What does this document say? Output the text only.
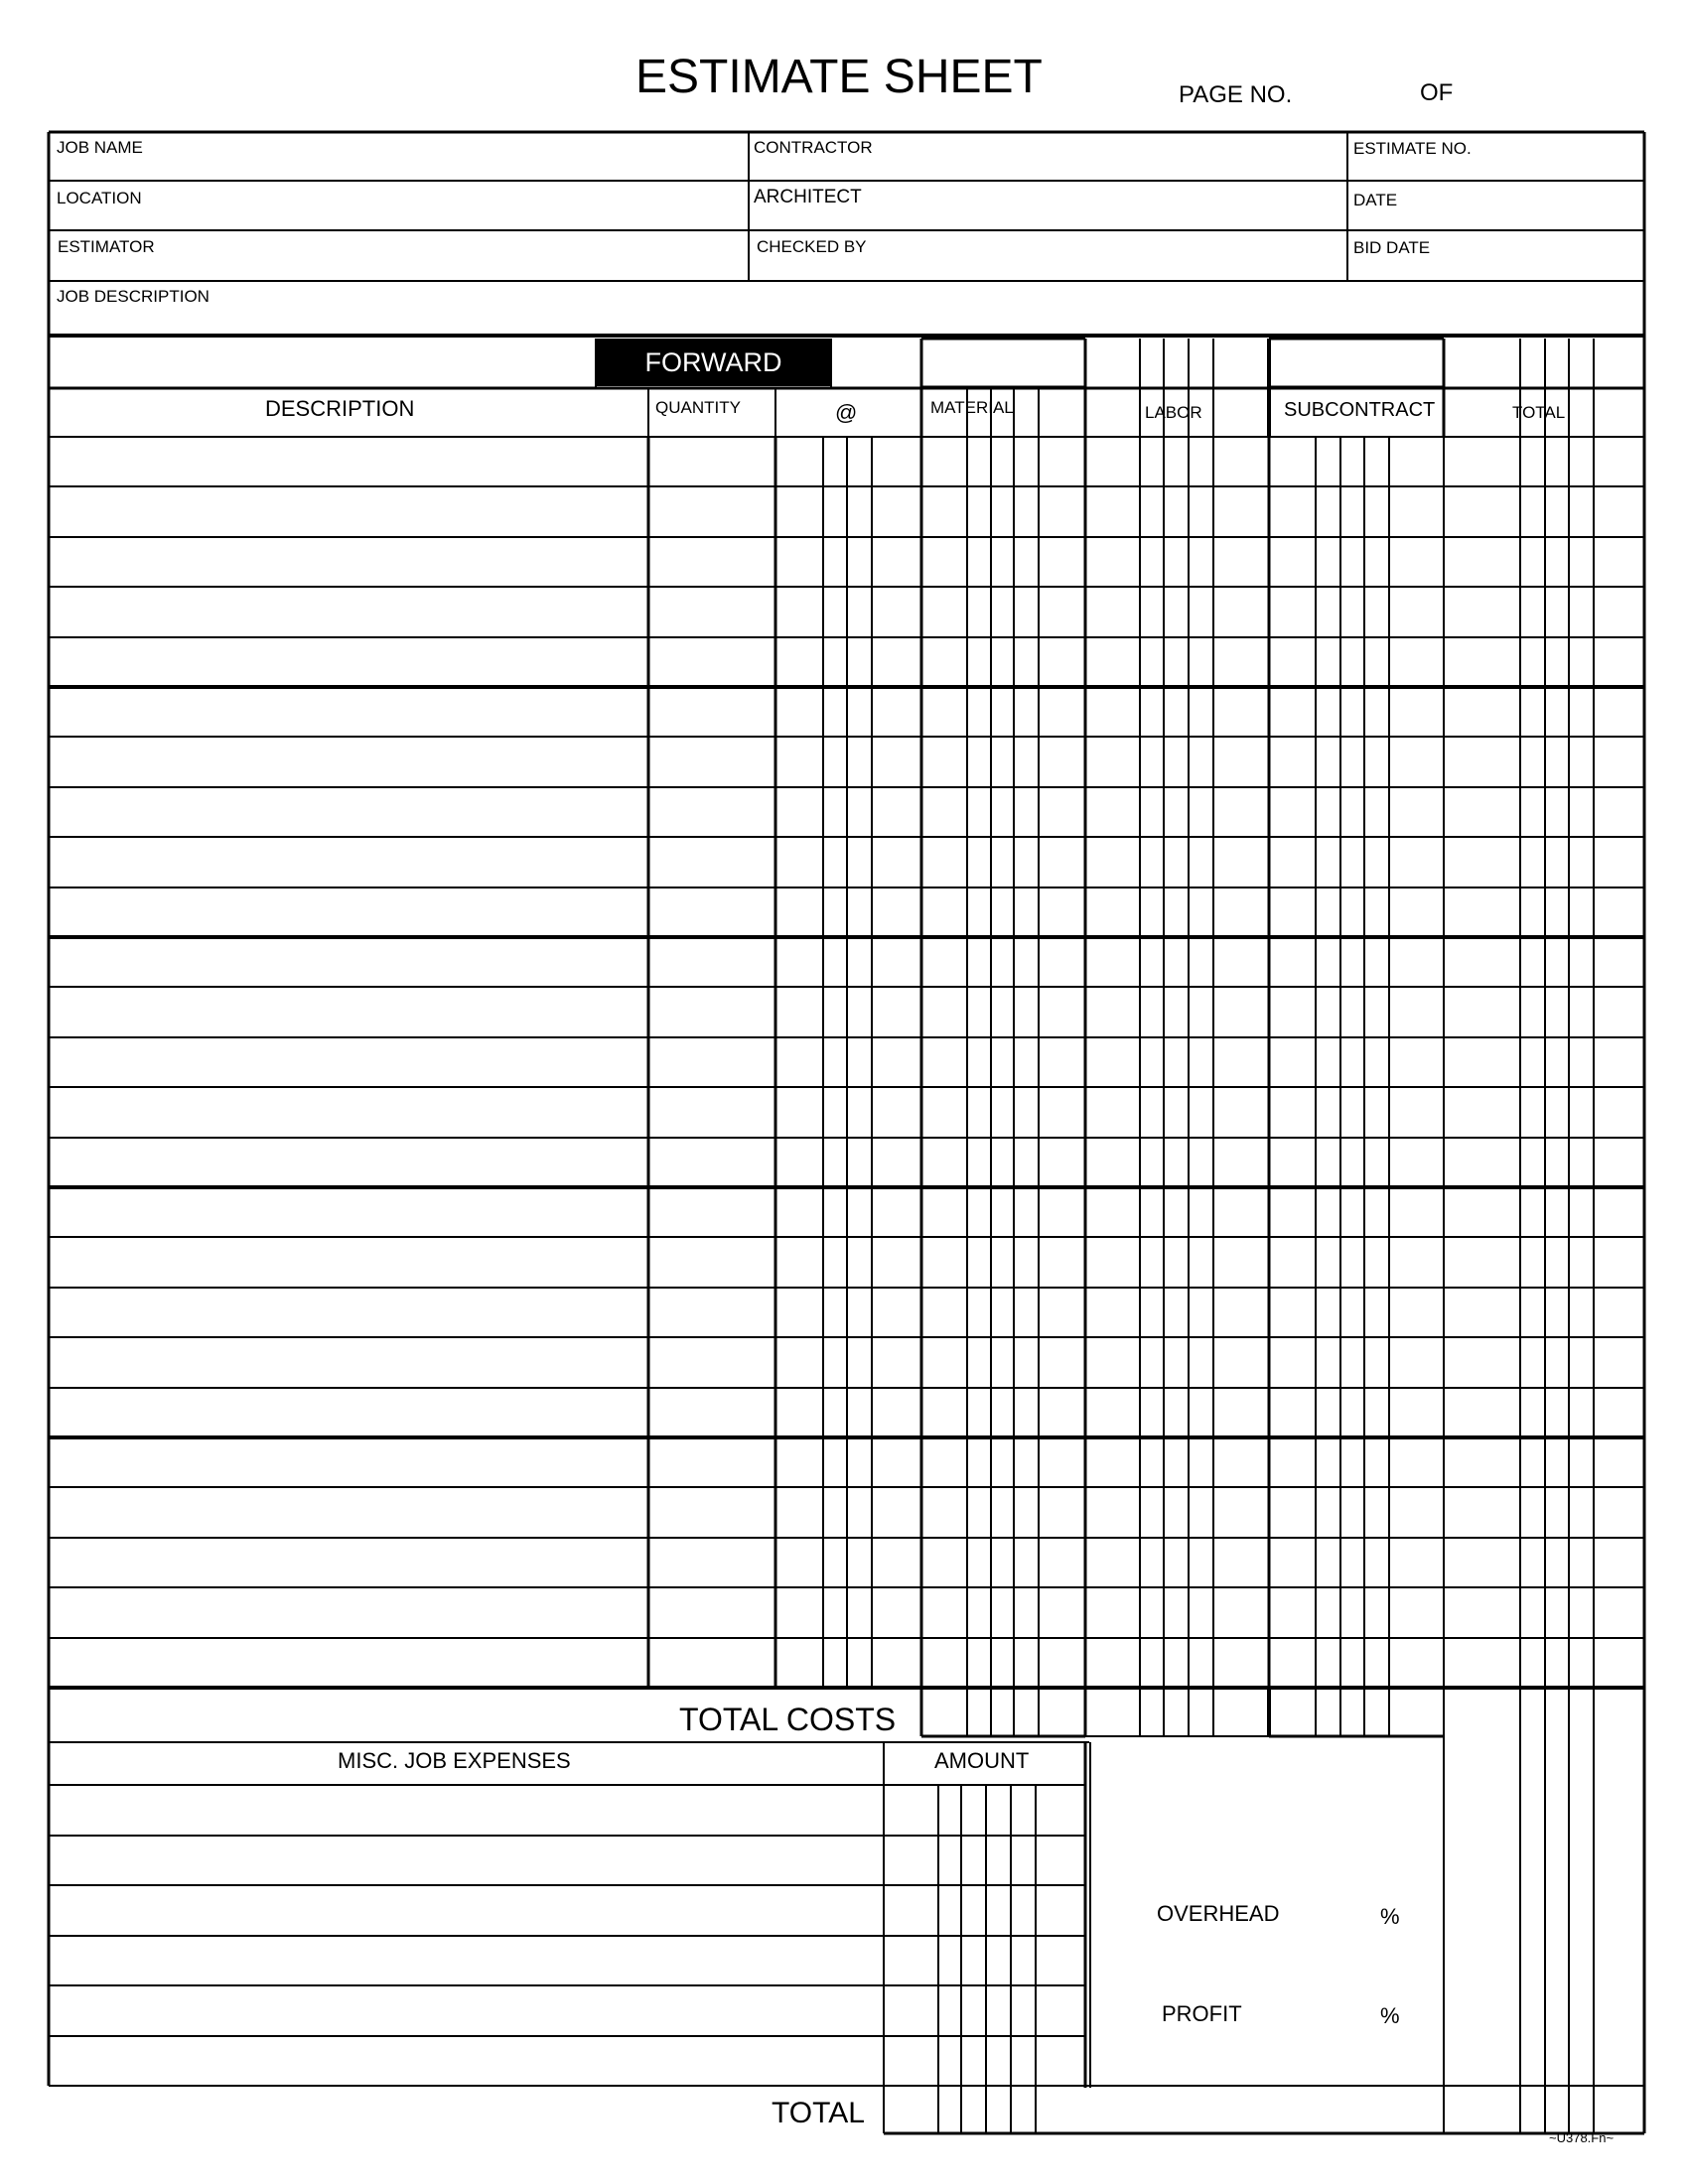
FORWARD
ESTIMATE SHEET	PAGE NO.	OF
JOB NAME	CONTRACTOR	ESTIMATE NO.
LOCATION	ARCHITECT	DATE
ESTIMATOR	CHECKED BY	BID DATE
JOB DESCRIPTION
DESCRIPTION	QUANTITY	@	MATERIAL	LABOR	SUBCONTRACT	TOTAL
TOTAL COSTS
MISC. JOB EXPENSES	AMOUNT
OVERHEAD	%
PROFIT	%
TOTAL
~U378.Fn~
